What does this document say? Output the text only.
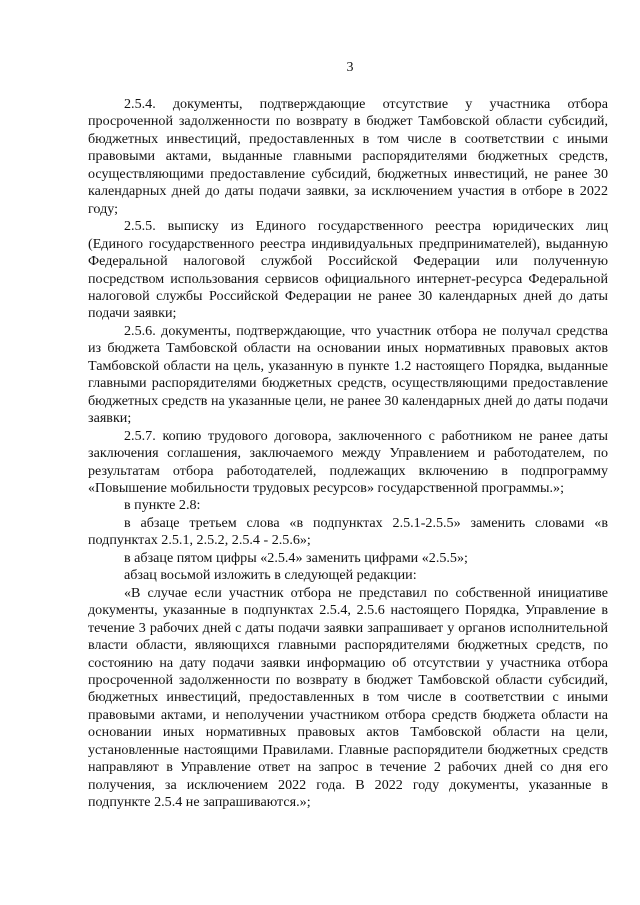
3

2.5.4. документы, подтверждающие отсутствие у участника отбора просроченной задолженности по возврату в бюджет Тамбовской области субсидий, бюджетных инвестиций, предоставленных в том числе в соответствии с иными правовыми актами, выданные главными распорядителями бюджетных средств, осуществляющими предоставление субсидий, бюджетных инвестиций, не ранее 30 календарных дней до даты подачи заявки, за исключением участия в отборе в 2022 году;

2.5.5. выписку из Единого государственного реестра юридических лиц (Единого государственного реестра индивидуальных предпринимателей), выданную Федеральной налоговой службой Российской Федерации или полученную посредством использования сервисов официального интернет-ресурса Федеральной налоговой службы Российской Федерации не ранее 30 календарных дней до даты подачи заявки;

2.5.6. документы, подтверждающие, что участник отбора не получал средства из бюджета Тамбовской области на основании иных нормативных правовых актов Тамбовской области на цель, указанную в пункте 1.2 настоящего Порядка, выданные главными распорядителями бюджетных средств, осуществляющими предоставление бюджетных средств на указанные цели, не ранее 30 календарных дней до даты подачи заявки;

2.5.7. копию трудового договора, заключенного с работником не ранее даты заключения соглашения, заключаемого между Управлением и работодателем, по результатам отбора работодателей, подлежащих включению в подпрограмму «Повышение мобильности трудовых ресурсов» государственной программы.»;

в пункте 2.8:

в абзаце третьем слова «в подпунктах 2.5.1-2.5.5» заменить словами «в подпунктах 2.5.1, 2.5.2, 2.5.4 - 2.5.6»;

в абзаце пятом цифры «2.5.4» заменить цифрами «2.5.5»;

абзац восьмой изложить в следующей редакции:

«В случае если участник отбора не представил по собственной инициативе документы, указанные в подпунктах 2.5.4, 2.5.6 настоящего Порядка, Управление в течение 3 рабочих дней с даты подачи заявки запрашивает у органов исполнительной власти области, являющихся главными распорядителями бюджетных средств, по состоянию на дату подачи заявки информацию об отсутствии у участника отбора просроченной задолженности по возврату в бюджет Тамбовской области субсидий, бюджетных инвестиций, предоставленных в том числе в соответствии с иными правовыми актами, и неполучении участником отбора средств бюджета области на основании иных нормативных правовых актов Тамбовской области на цели, установленные настоящими Правилами. Главные распорядители бюджетных средств направляют в Управление ответ на запрос в течение 2 рабочих дней со дня его получения, за исключением 2022 года. В 2022 году документы, указанные в подпункте 2.5.4 не запрашиваются.»;
